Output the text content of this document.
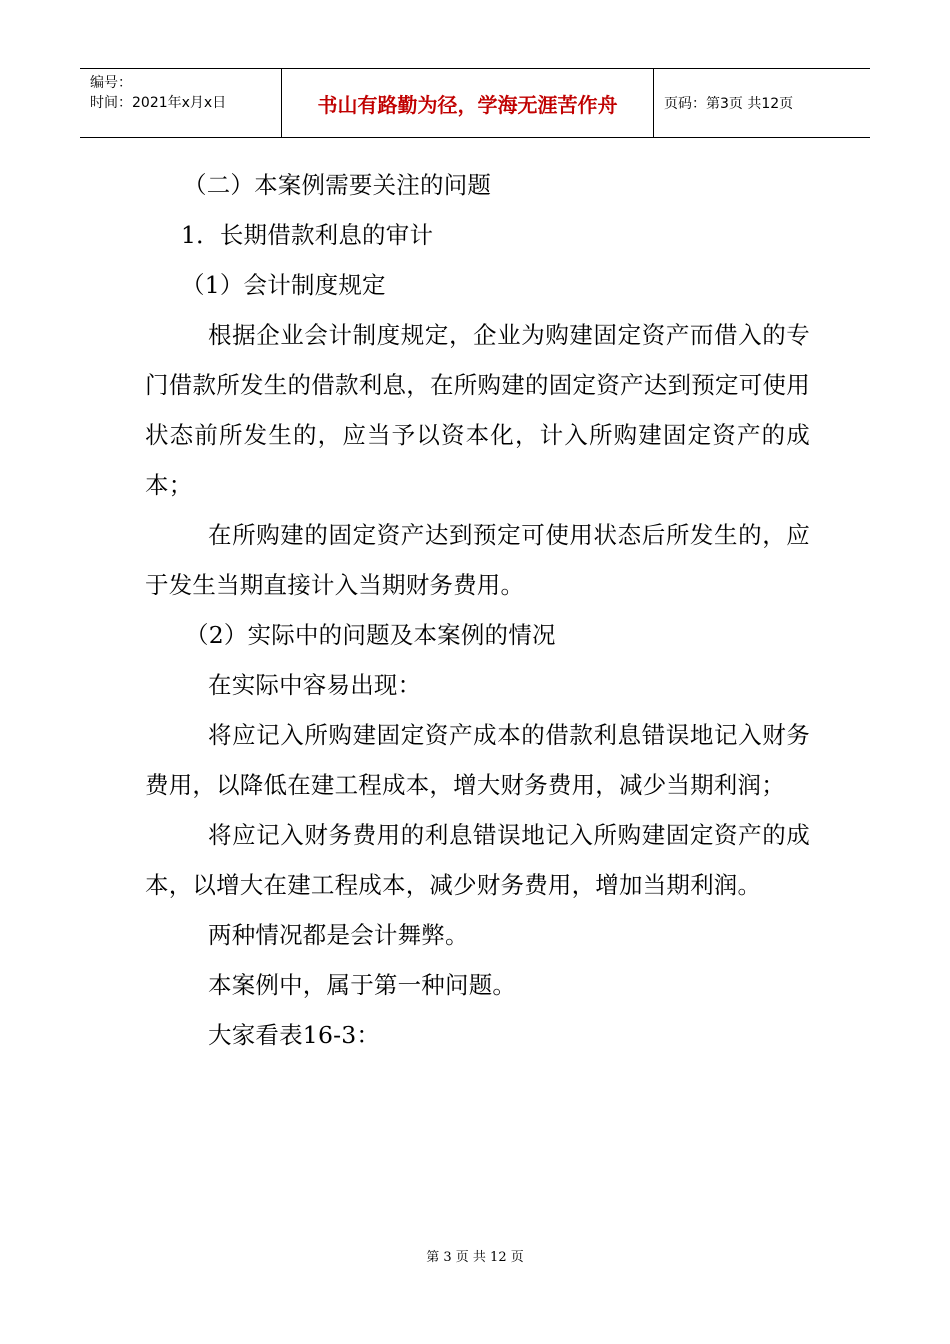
编号：
时间：2021年x月x日	书山有路勤为径，学海无涯苦作舟	页码：第3页 共12页

（二）本案例需要关注的问题

1．长期借款利息的审计

（1）会计制度规定

根据企业会计制度规定，企业为购建固定资产而借入的专门借款所发生的借款利息，在所购建的固定资产达到预定可使用状态前所发生的，应当予以资本化，计入所购建固定资产的成本；

在所购建的固定资产达到预定可使用状态后所发生的，应于发生当期直接计入当期财务费用。

（2）实际中的问题及本案例的情况

在实际中容易出现：

将应记入所购建固定资产成本的借款利息错误地记入财务费用，以降低在建工程成本，增大财务费用，减少当期利润；

将应记入财务费用的利息错误地记入所购建固定资产的成本，以增大在建工程成本，减少财务费用，增加当期利润。

两种情况都是会计舞弊。

本案例中，属于第一种问题。

大家看表16-3：

第 3 页 共 12 页
